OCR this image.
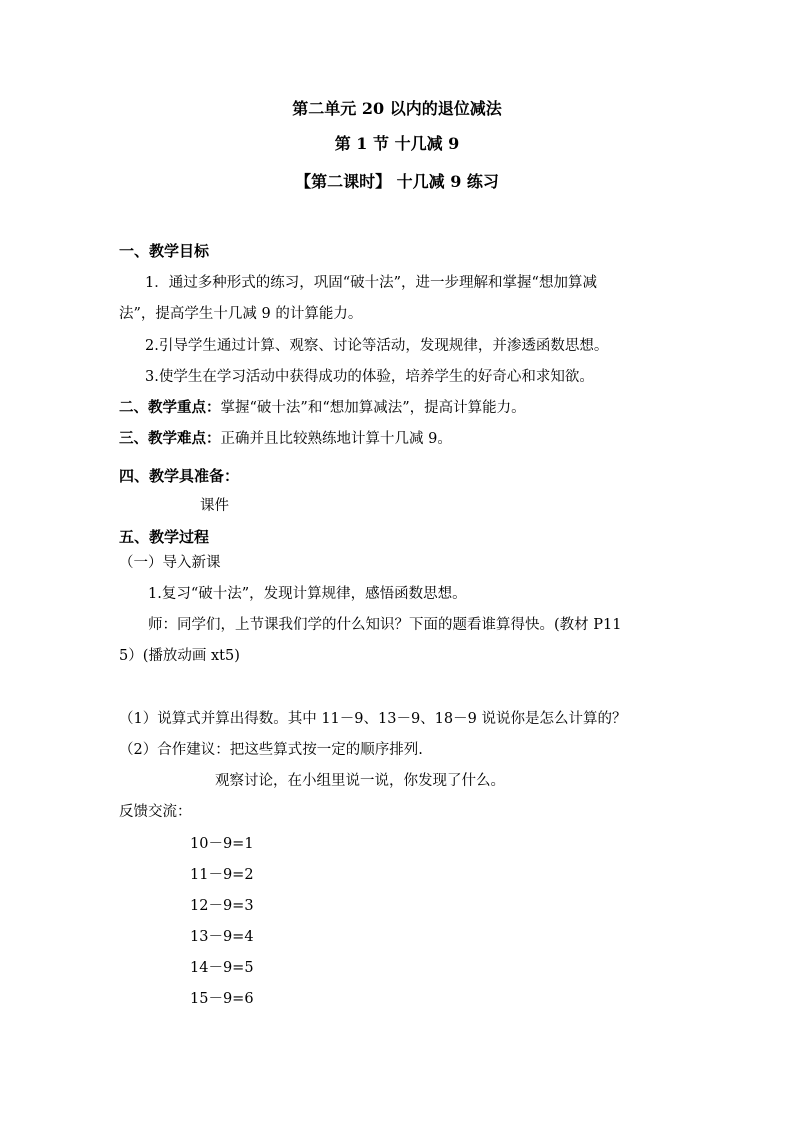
第二单元 20 以内的退位减法
第 1 节 十几减 9
【第二课时】 十几减 9 练习
一、教学目标
1．通过多种形式的练习，巩固“破十法”，进一步理解和掌握“想加算减
法”，提高学生十几减 9 的计算能力。
2.引导学生通过计算、观察、讨论等活动，发现规律，并渗透函数思想。
3.使学生在学习活动中获得成功的体验，培养学生的好奇心和求知欲。
二、教学重点：掌握“破十法”和“想加算减法”，提高计算能力。
三、教学难点：正确并且比较熟练地计算十几减 9。
四、教学具准备：
课件
五、教学过程
（一）导入新课
1.复习“破十法”，发现计算规律，感悟函数思想。
师：同学们，上节课我们学的什么知识？下面的题看谁算得快。(教材 P11
5）(播放动画 xt5)
（1）说算式并算出得数。其中 11－9、13－9、18－9 说说你是怎么计算的？
（2）合作建议：把这些算式按一定的顺序排列.
观察讨论，在小组里说一说，你发现了什么。
反馈交流：
10－9=1
11－9=2
12－9=3
13－9=4
14－9=5
15－9=6
